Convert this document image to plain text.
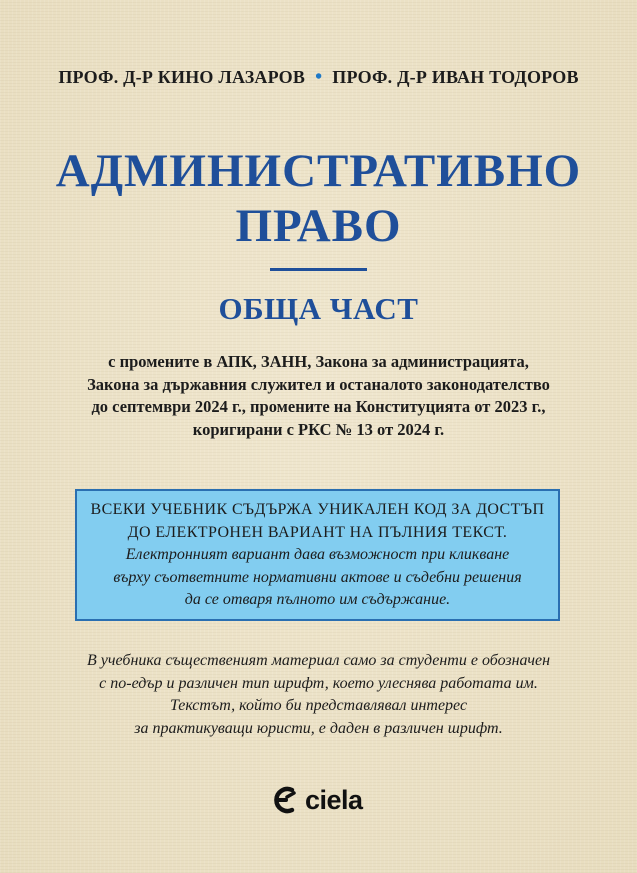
ПРОФ. Д-Р КИНО ЛАЗАРОВ • ПРОФ. Д-Р ИВАН ТОДОРОВ
АДМИНИСТРАТИВНО
ПРАВО
ОБЩА ЧАСТ
с промените в АПК, ЗАНН, Закона за администрацията,
Закона за държавния служител и останалото законодателство
до септември 2024 г., промените на Конституцията от 2023 г.,
коригирани с РКС № 13 от 2024 г.
ВСЕКИ УЧЕБНИК СЪДЪРЖА УНИКАЛЕН КОД ЗА ДОСТЪП
ДО ЕЛЕКТРОНЕН ВАРИАНТ НА ПЪЛНИЯ ТЕКСТ.
Електронният вариант дава възможност при кликване
върху съответните нормативни актове и съдебни решения
да се отваря пълното им съдържание.
В учебника същественият материал само за студенти е обозначен
с по-едър и различен тип шрифт, което улеснява работата им.
Текстът, който би представлявал интерес
за практикуващи юристи, е даден в различен шрифт.
ciela
